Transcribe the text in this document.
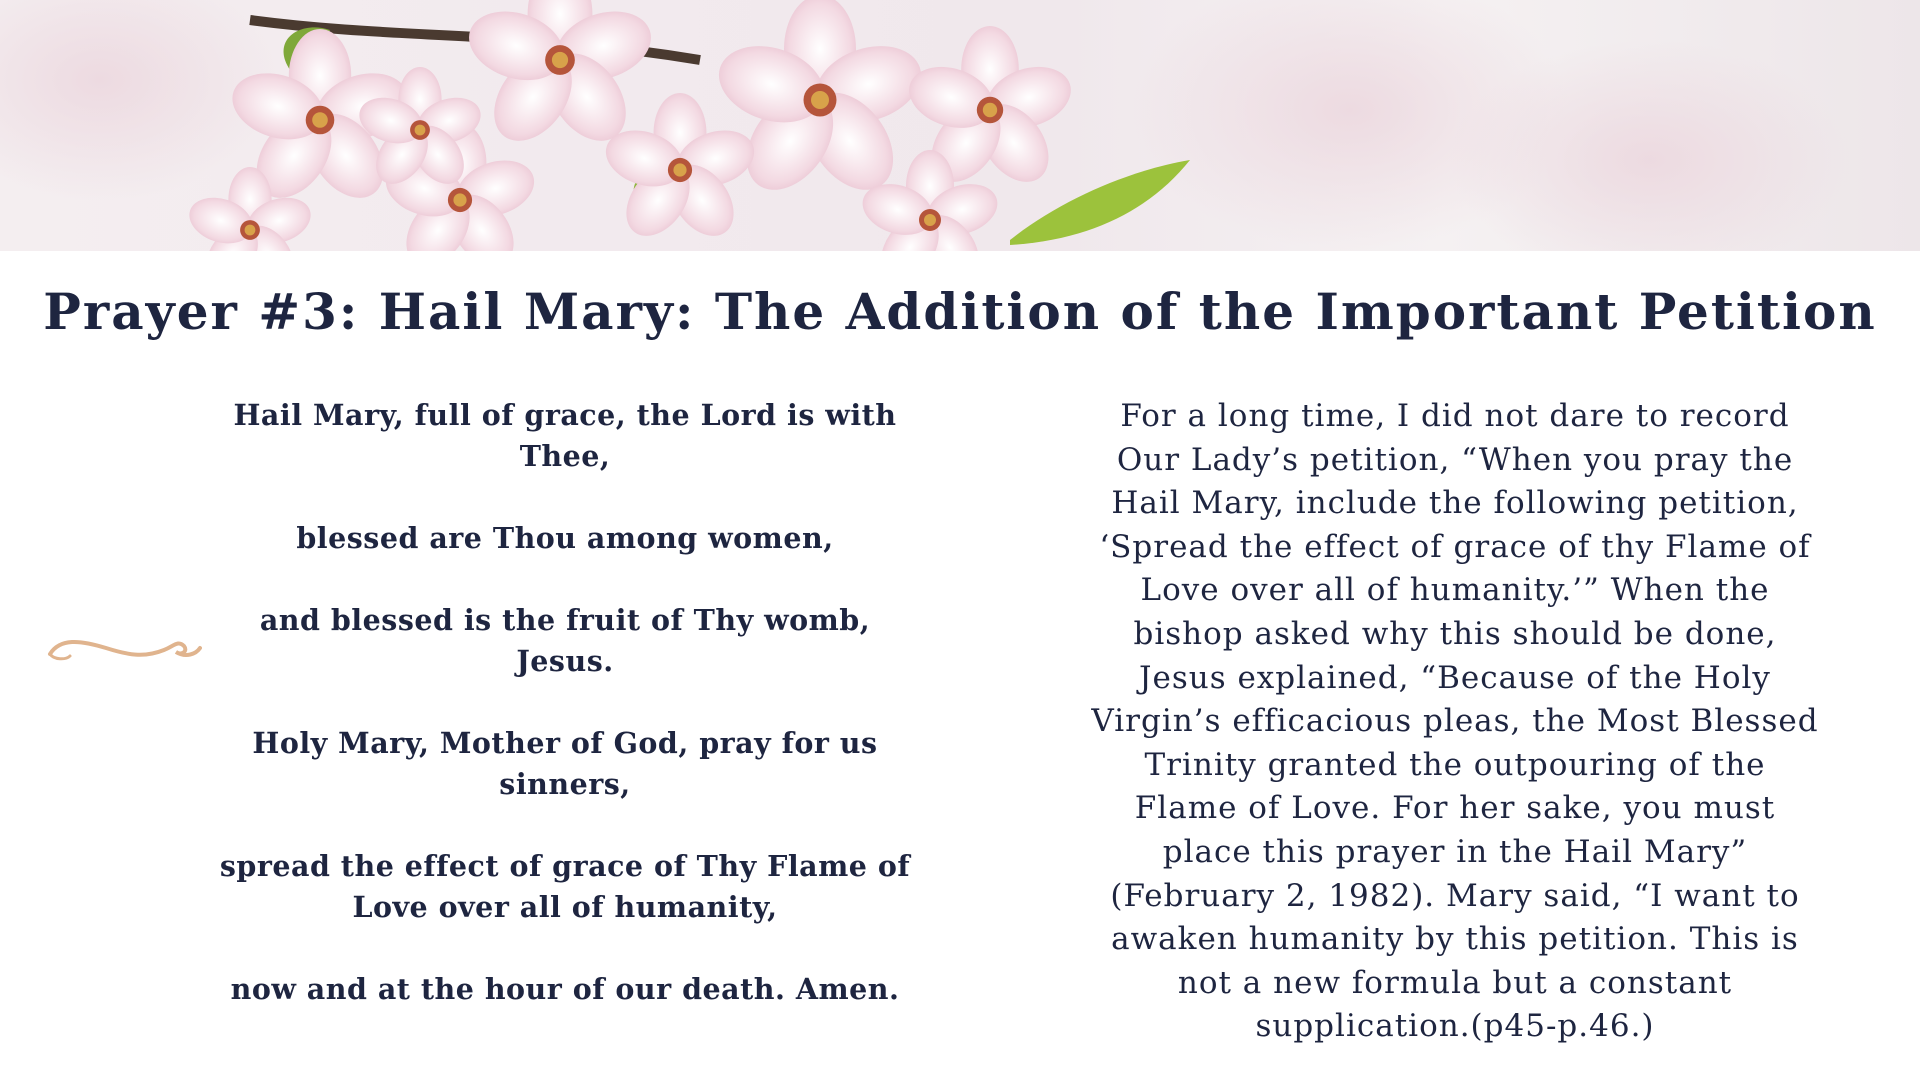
Prayer #3: Hail Mary: The Addition of the Important Petition

Hail Mary, full of grace, the Lord is with Thee,

blessed are Thou among women,

and blessed is the fruit of Thy womb, Jesus.

Holy Mary, Mother of God, pray for us sinners,

spread the effect of grace of Thy Flame of Love over all of humanity,

now and at the hour of our death. Amen.

For a long time, I did not dare to record Our Lady’s petition, “When you pray the Hail Mary, include the following petition, ‘Spread the effect of grace of thy Flame of Love over all of humanity.’” When the bishop asked why this should be done, Jesus explained, “Because of the Holy Virgin’s efficacious pleas, the Most Blessed Trinity granted the outpouring of the Flame of Love. For her sake, you must place this prayer in the Hail Mary” (February 2, 1982). Mary said, “I want to awaken humanity by this petition. This is not a new formula but a constant supplication.(p45-p.46.)
